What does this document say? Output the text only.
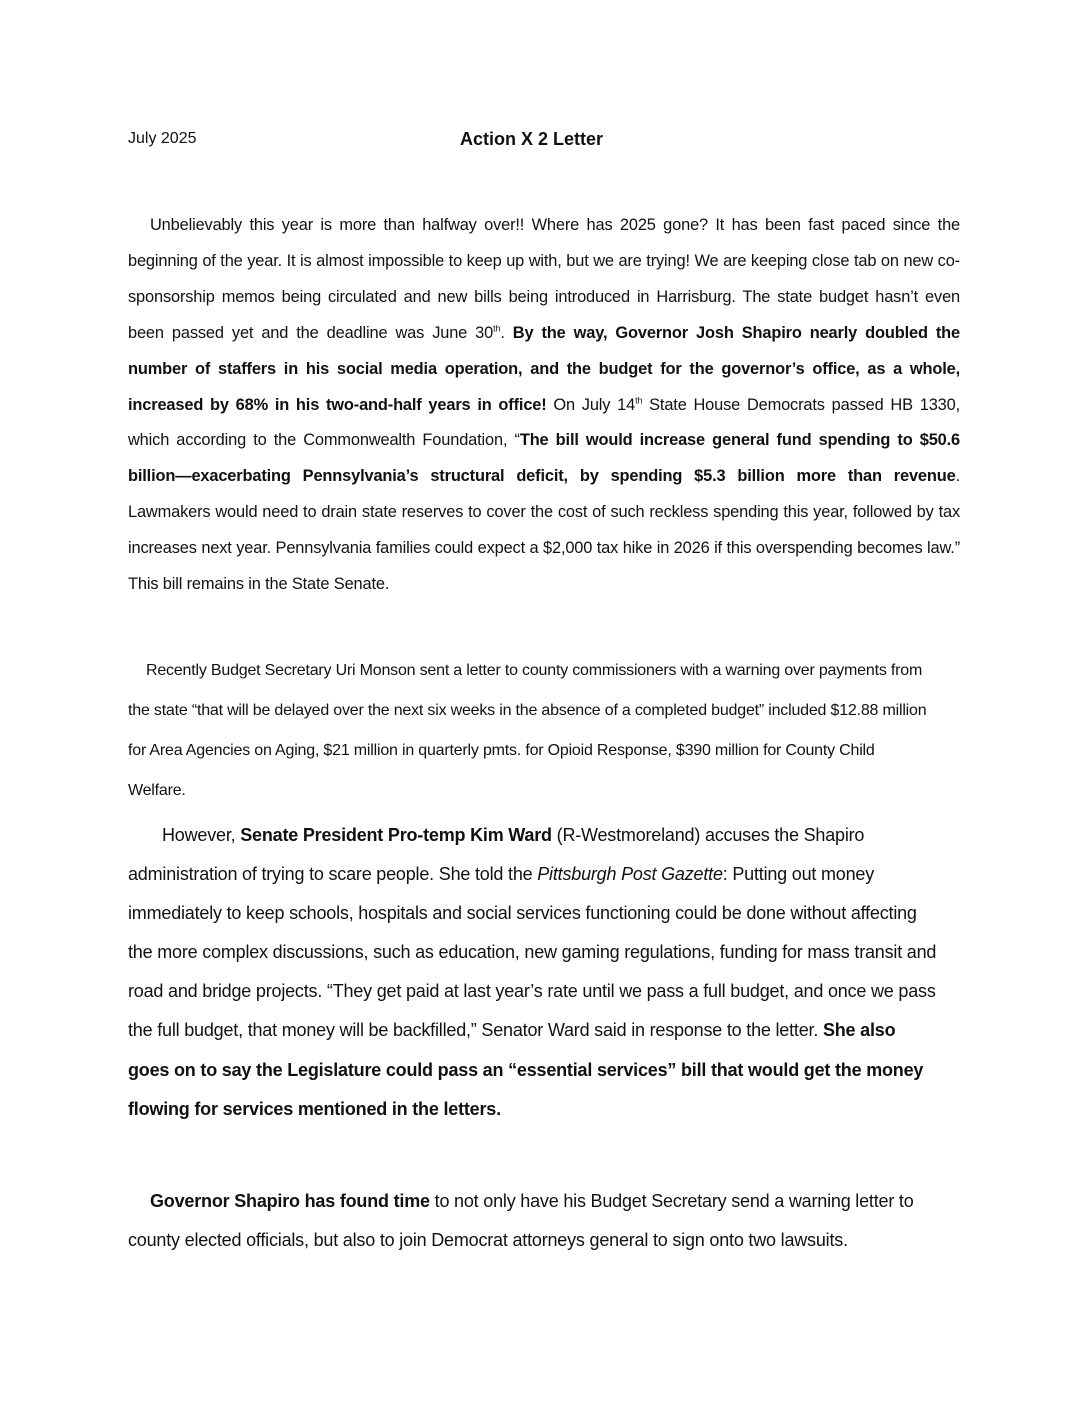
July 2025	Action X 2 Letter
Unbelievably this year is more than halfway over!! Where has 2025 gone? It has been fast paced since the beginning of the year. It is almost impossible to keep up with, but we are trying! We are keeping close tab on new co-sponsorship memos being circulated and new bills being introduced in Harrisburg. The state budget hasn’t even been passed yet and the deadline was June 30th. By the way, Governor Josh Shapiro nearly doubled the number of staffers in his social media operation, and the budget for the governor’s office, as a whole, increased by 68% in his two-and-half years in office! On July 14th State House Democrats passed HB 1330, which according to the Commonwealth Foundation, “The bill would increase general fund spending to $50.6 billion—exacerbating Pennsylvania’s structural deficit, by spending $5.3 billion more than revenue. Lawmakers would need to drain state reserves to cover the cost of such reckless spending this year, followed by tax increases next year. Pennsylvania families could expect a $2,000 tax hike in 2026 if this overspending becomes law.” This bill remains in the State Senate.
Recently Budget Secretary Uri Monson sent a letter to county commissioners with a warning over payments from the state “that will be delayed over the next six weeks in the absence of a completed budget” included $12.88 million for Area Agencies on Aging, $21 million in quarterly pmts. for Opioid Response, $390 million for County Child Welfare.
However, Senate President Pro-temp Kim Ward (R-Westmoreland) accuses the Shapiro administration of trying to scare people. She told the Pittsburgh Post Gazette: Putting out money immediately to keep schools, hospitals and social services functioning could be done without affecting the more complex discussions, such as education, new gaming regulations, funding for mass transit and road and bridge projects. “They get paid at last year’s rate until we pass a full budget, and once we pass the full budget, that money will be backfilled,” Senator Ward said in response to the letter. She also goes on to say the Legislature could pass an “essential services” bill that would get the money flowing for services mentioned in the letters.
Governor Shapiro has found time to not only have his Budget Secretary send a warning letter to county elected officials, but also to join Democrat attorneys general to sign onto two lawsuits.
